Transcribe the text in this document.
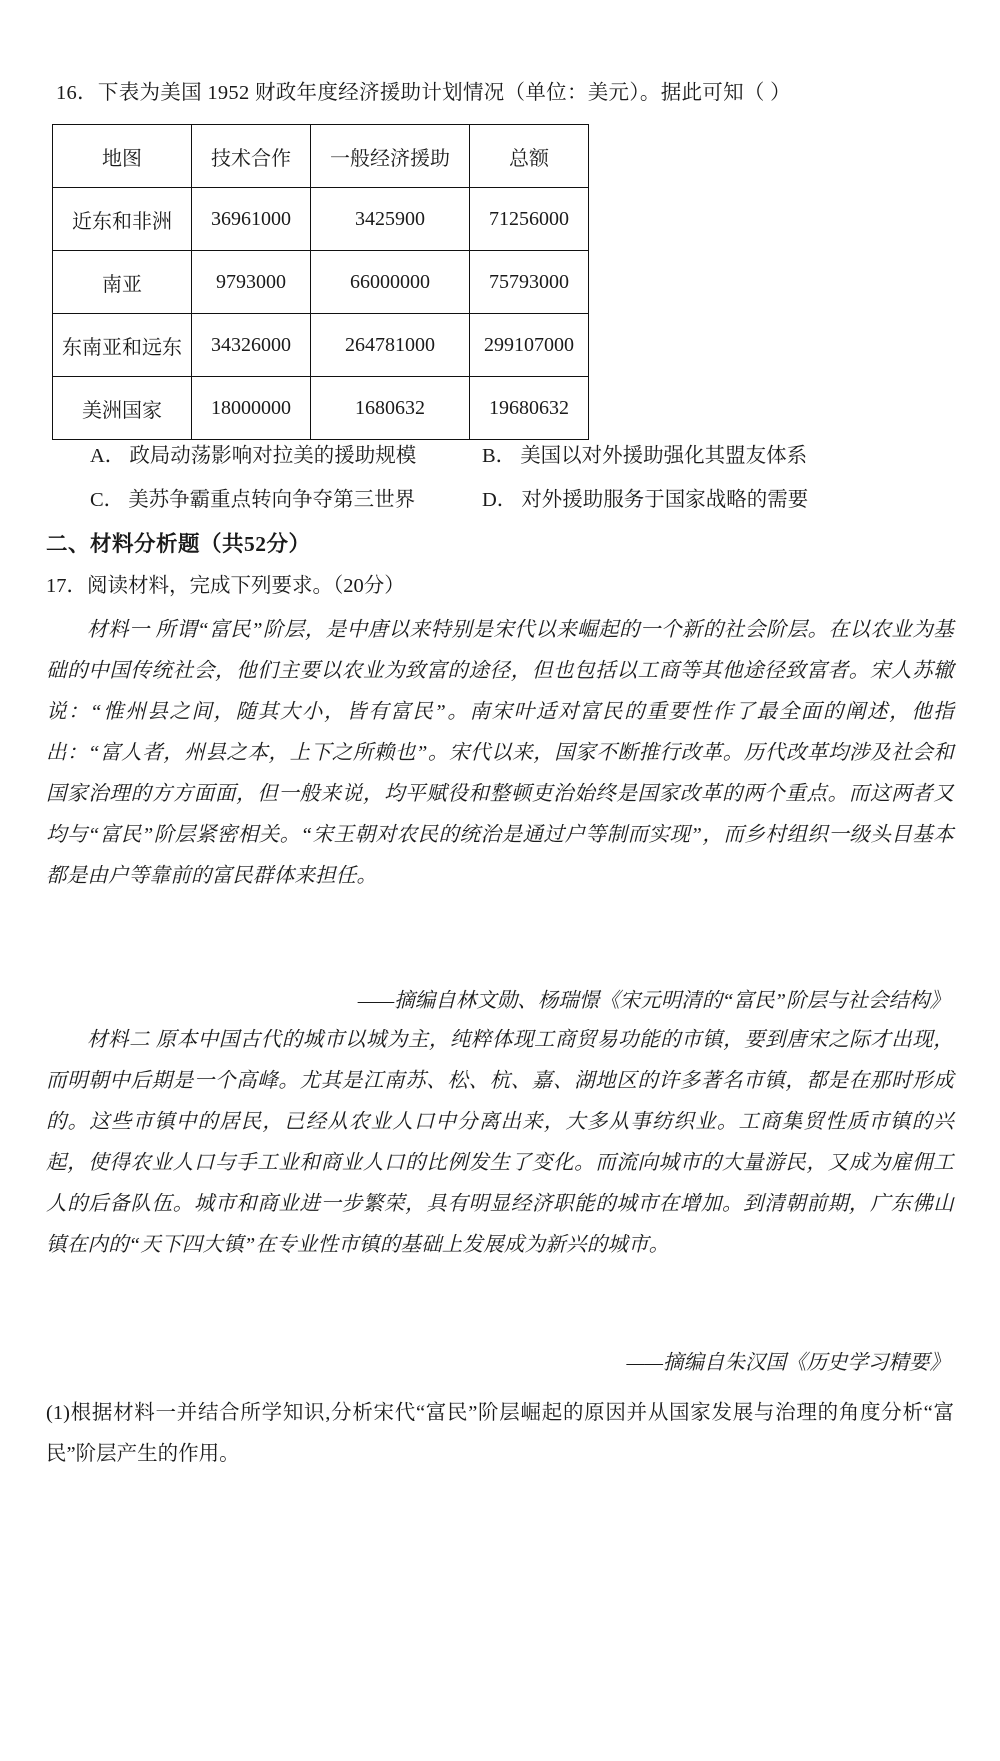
16．下表为美国 1952 财政年度经济援助计划情况（单位：美元）。据此可知（ ）
地图	技术合作	一般经济援助	总额
近东和非洲	36961000	3425900	71256000
南亚	9793000	66000000	75793000
东南亚和远东	34326000	264781000	299107000
美洲国家	18000000	1680632	19680632
A． 政局动荡影响对拉美的援助规模	B． 美国以对外援助强化其盟友体系
C． 美苏争霸重点转向争夺第三世界	D． 对外援助服务于国家战略的需要
二、材料分析题（共52分）
17．阅读材料，完成下列要求。（20分）

材料一 所谓“富民”阶层，是中唐以来特别是宋代以来崛起的一个新的社会阶层。在以农业为基础的中国传统社会，他们主要以农业为致富的途径，但也包括以工商等其他途径致富者。宋人苏辙说：“惟州县之间，随其大小，皆有富民”。南宋叶适对富民的重要性作了最全面的阐述，他指出：“富人者，州县之本，上下之所赖也”。宋代以来，国家不断推行改革。历代改革均涉及社会和国家治理的方方面面，但一般来说，均平赋役和整顿吏治始终是国家改革的两个重点。而这两者又均与“富民”阶层紧密相关。“宋王朝对农民的统治是通过户等制而实现”，而乡村组织一级头目基本都是由户等靠前的富民群体来担任。

——摘编自林文勋、杨瑞憬《宋元明清的“富民”阶层与社会结构》

材料二 原本中国古代的城市以城为主，纯粹体现工商贸易功能的市镇，要到唐宋之际才出现，而明朝中后期是一个高峰。尤其是江南苏、松、杭、嘉、湖地区的许多著名市镇，都是在那时形成的。这些市镇中的居民，已经从农业人口中分离出来，大多从事纺织业。工商集贸性质市镇的兴起，使得农业人口与手工业和商业人口的比例发生了变化。而流向城市的大量游民，又成为雇佣工人的后备队伍。城市和商业进一步繁荣，具有明显经济职能的城市在增加。到清朝前期，广东佛山镇在内的“天下四大镇”在专业性市镇的基础上发展成为新兴的城市。

——摘编自朱汉国《历史学习精要》

(1)根据材料一并结合所学知识,分析宋代“富民”阶层崛起的原因并从国家发展与治理的角度分析“富民”阶层产生的作用。
